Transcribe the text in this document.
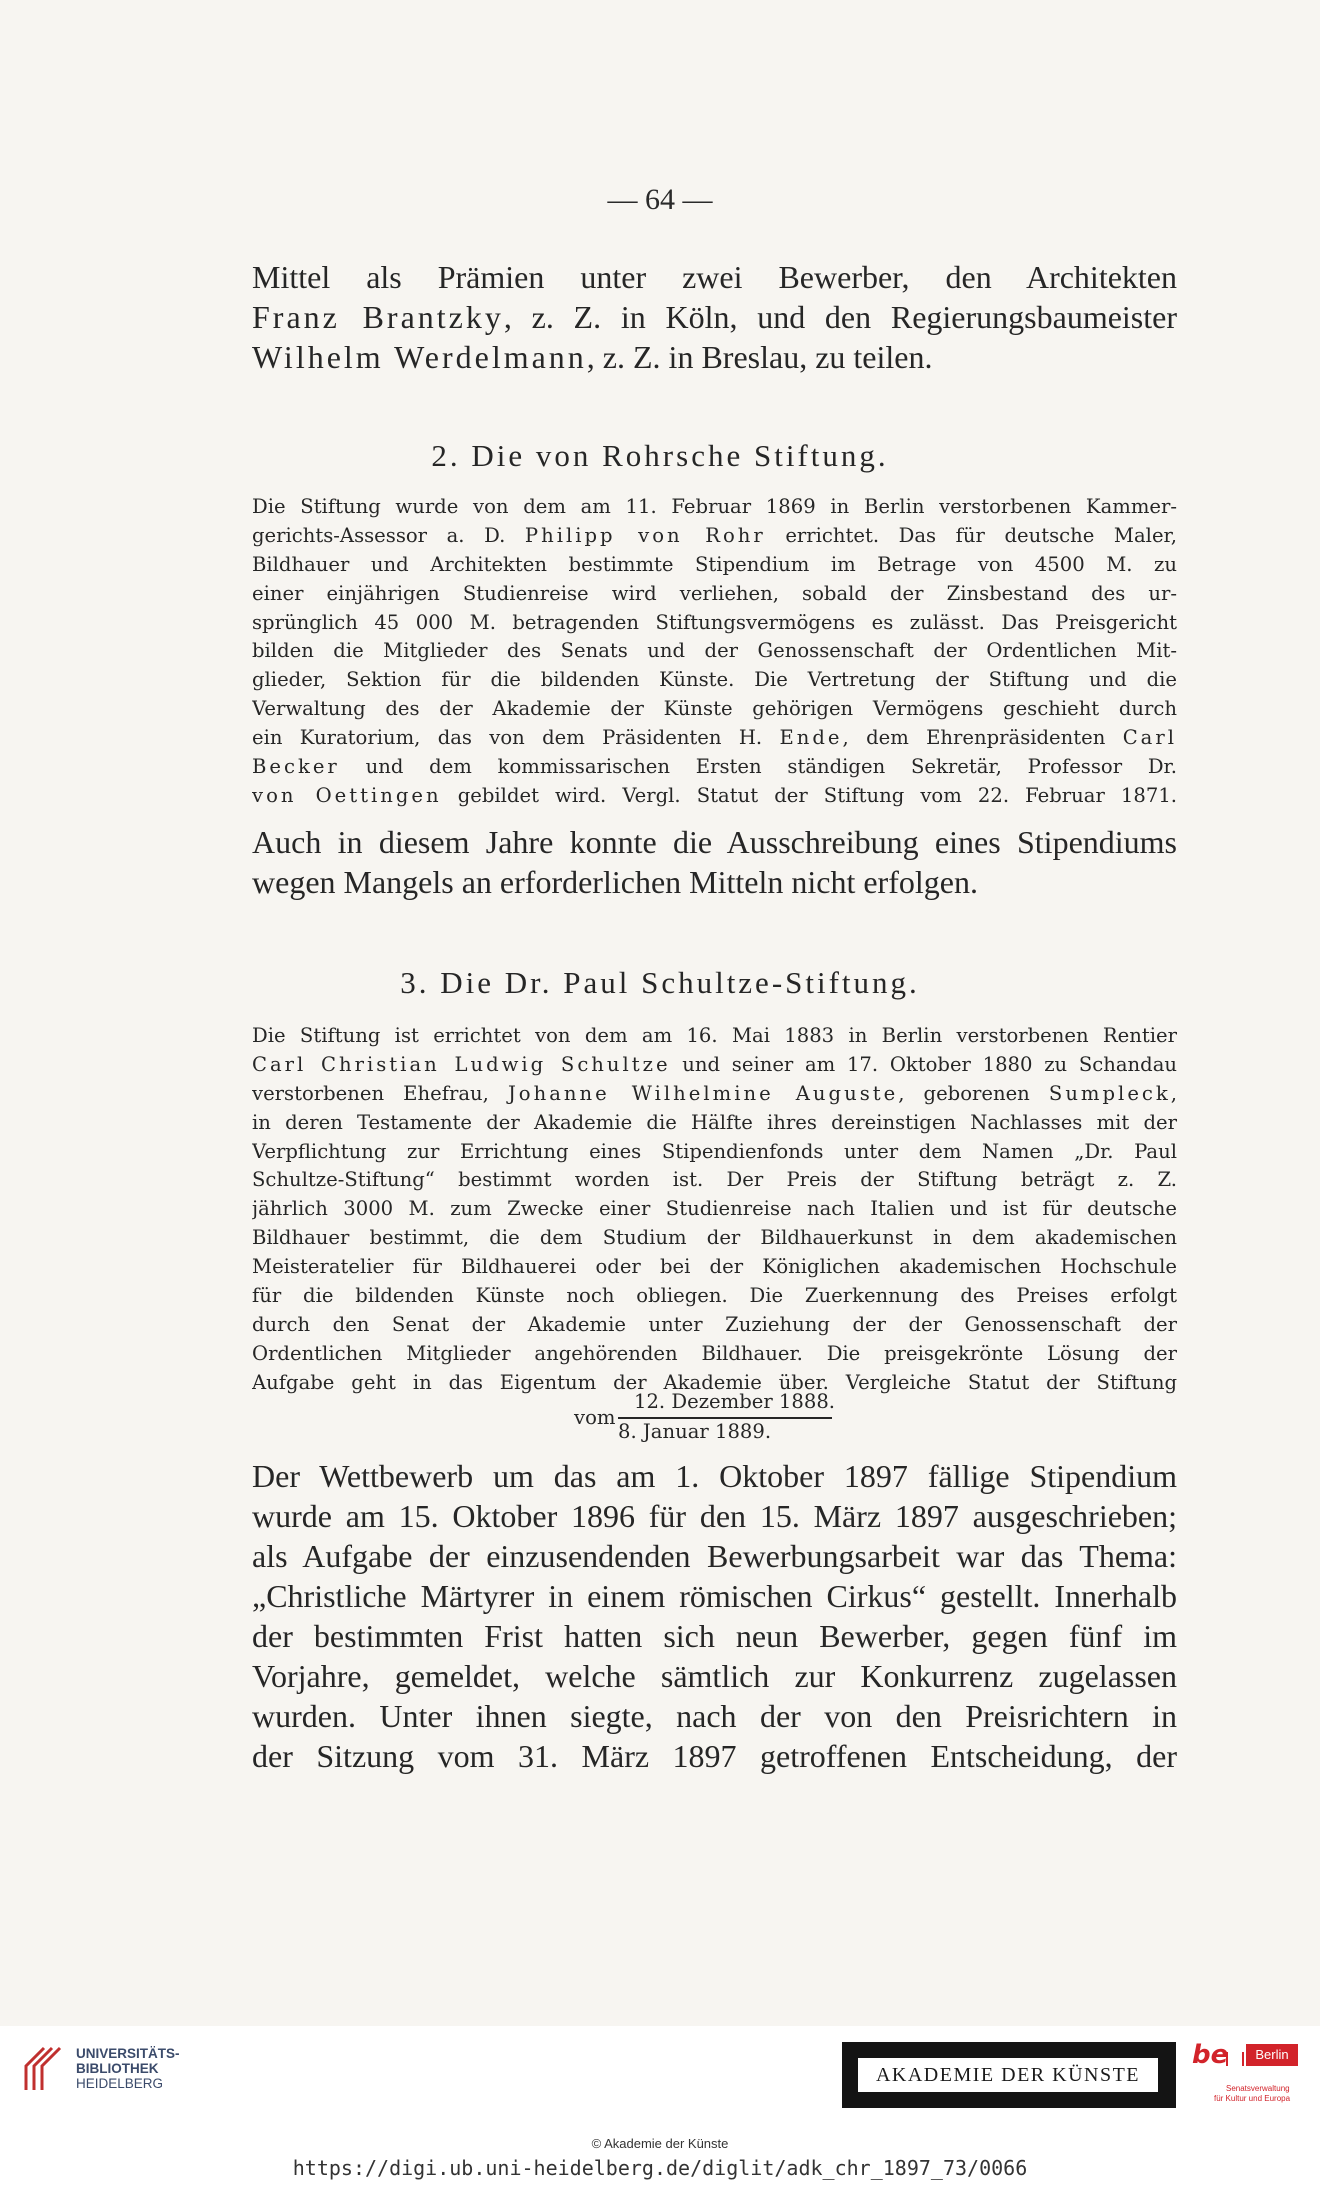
— 64 —
Mittel als Prämien unter zwei Bewerber, den Architekten
Franz Brantzky, z. Z. in Köln, und den Regierungsbaumeister
Wilhelm Werdelmann, z. Z. in Breslau, zu teilen.
2. Die von Rohrsche Stiftung.
Die Stiftung wurde von dem am 11. Februar 1869 in Berlin verstorbenen Kammer-
gerichts-Assessor a. D. Philipp von Rohr errichtet. Das für deutsche Maler,
Bildhauer und Architekten bestimmte Stipendium im Betrage von 4500 M. zu
einer einjährigen Studienreise wird verliehen, sobald der Zinsbestand des ur-
sprünglich 45 000 M. betragenden Stiftungsvermögens es zulässt. Das Preisgericht
bilden die Mitglieder des Senats und der Genossenschaft der Ordentlichen Mit-
glieder, Sektion für die bildenden Künste. Die Vertretung der Stiftung und die
Verwaltung des der Akademie der Künste gehörigen Vermögens geschieht durch
ein Kuratorium, das von dem Präsidenten H. Ende, dem Ehrenpräsidenten Carl
Becker und dem kommissarischen Ersten ständigen Sekretär, Professor Dr.
von Oettingen gebildet wird. Vergl. Statut der Stiftung vom 22. Februar 1871.
Auch in diesem Jahre konnte die Ausschreibung eines Stipendiums
wegen Mangels an erforderlichen Mitteln nicht erfolgen.
3. Die Dr. Paul Schultze-Stiftung.
Die Stiftung ist errichtet von dem am 16. Mai 1883 in Berlin verstorbenen Rentier
Carl Christian Ludwig Schultze und seiner am 17. Oktober 1880 zu Schandau
verstorbenen Ehefrau, Johanne Wilhelmine Auguste, geborenen Sumpleck,
in deren Testamente der Akademie die Hälfte ihres dereinstigen Nachlasses mit der
Verpflichtung zur Errichtung eines Stipendienfonds unter dem Namen „Dr. Paul
Schultze-Stiftung“ bestimmt worden ist. Der Preis der Stiftung beträgt z. Z.
jährlich 3000 M. zum Zwecke einer Studienreise nach Italien und ist für deutsche
Bildhauer bestimmt, die dem Studium der Bildhauerkunst in dem akademischen
Meisteratelier für Bildhauerei oder bei der Königlichen akademischen Hochschule
für die bildenden Künste noch obliegen. Die Zuerkennung des Preises erfolgt
durch den Senat der Akademie unter Zuziehung der der Genossenschaft der
Ordentlichen Mitglieder angehörenden Bildhauer. Die preisgekrönte Lösung der
Aufgabe geht in das Eigentum der Akademie über. Vergleiche Statut der Stiftung
vom
12. Dezember 1888.
8. Januar 1889.
Der Wettbewerb um das am 1. Oktober 1897 fällige Stipendium
wurde am 15. Oktober 1896 für den 15. März 1897 ausgeschrieben;
als Aufgabe der einzusendenden Bewerbungsarbeit war das Thema:
„Christliche Märtyrer in einem römischen Cirkus“ gestellt. Innerhalb
der bestimmten Frist hatten sich neun Bewerber, gegen fünf im
Vorjahre, gemeldet, welche sämtlich zur Konkurrenz zugelassen
wurden. Unter ihnen siegte, nach der von den Preisrichtern in
der Sitzung vom 31. März 1897 getroffenen Entscheidung, der
UNIVERSITÄTS-
BIBLIOTHEK
HEIDELBERG	AKADEMIE DER KÜNSTE
be	Berlin
Senatsverwaltung
für Kultur und Europa
© Akademie der Künste
https://digi.ub.uni-heidelberg.de/diglit/adk_chr_1897_73/0066
